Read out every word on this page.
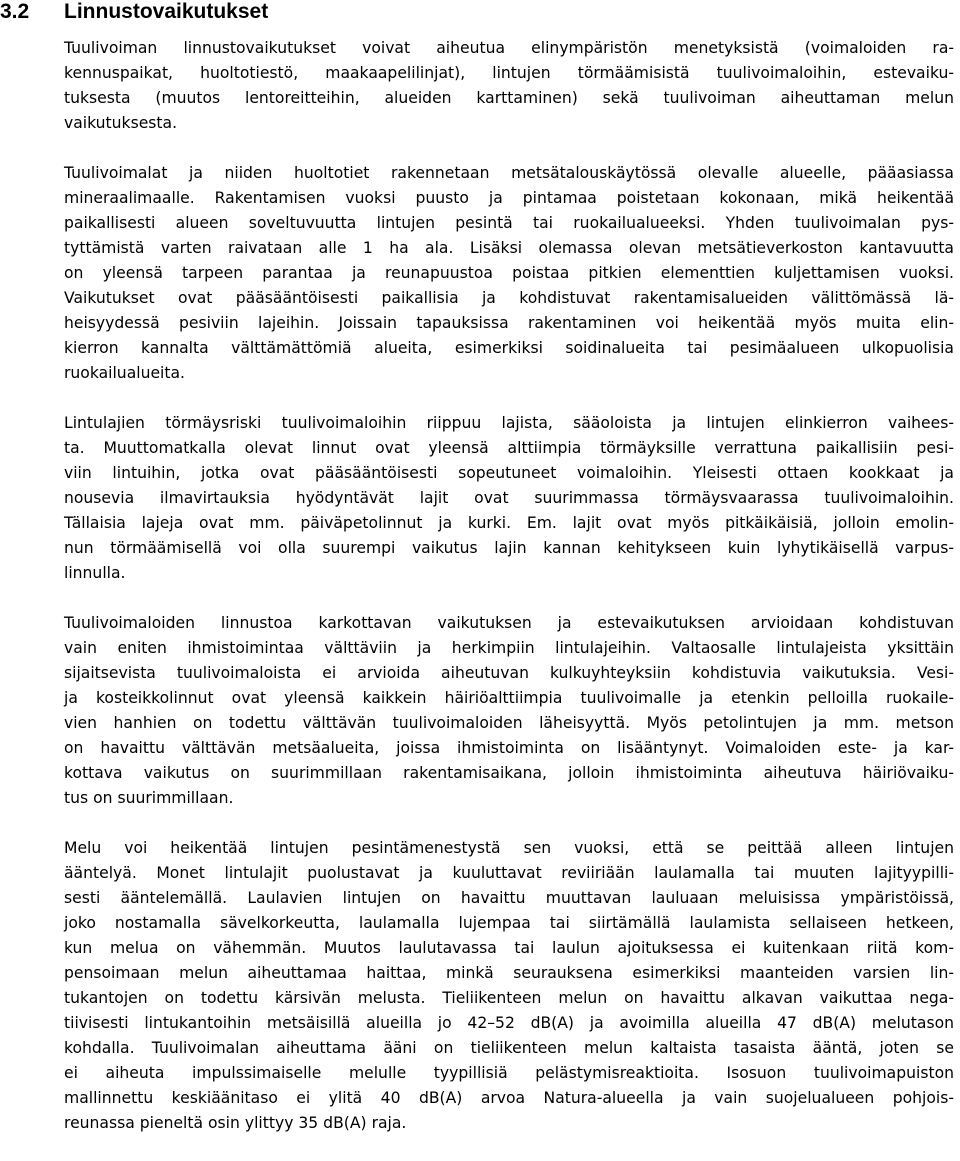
3.2 Linnustovaikutukset
Tuulivoiman linnustovaikutukset voivat aiheutua elinympäristön menetyksistä (voimaloiden ra-
kennuspaikat, huoltotiestö, maakaapelilinjat), lintujen törmäämisistä tuulivoimaloihin, estevaiku-
tuksesta (muutos lentoreitteihin, alueiden karttaminen) sekä tuulivoiman aiheuttaman melun
vaikutuksesta.
Tuulivoimalat ja niiden huoltotiet rakennetaan metsätalouskäytössä olevalle alueelle, pääasiassa
mineraalimaalle. Rakentamisen vuoksi puusto ja pintamaa poistetaan kokonaan, mikä heikentää
paikallisesti alueen soveltuvuutta lintujen pesintä tai ruokailualueeksi. Yhden tuulivoimalan pys-
tyttämistä varten raivataan alle 1 ha ala. Lisäksi olemassa olevan metsätieverkoston kantavuutta
on yleensä tarpeen parantaa ja reunapuustoa poistaa pitkien elementtien kuljettamisen vuoksi.
Vaikutukset ovat pääsääntöisesti paikallisia ja kohdistuvat rakentamisalueiden välittömässä lä-
heisyydessä pesiviin lajeihin. Joissain tapauksissa rakentaminen voi heikentää myös muita elin-
kierron kannalta välttämättömiä alueita, esimerkiksi soidinalueita tai pesimäalueen ulkopuolisia
ruokailualueita.
Lintulajien törmäysriski tuulivoimaloihin riippuu lajista, sääoloista ja lintujen elinkierron vaihees-
ta. Muuttomatkalla olevat linnut ovat yleensä alttiimpia törmäyksille verrattuna paikallisiin pesi-
viin lintuihin, jotka ovat pääsääntöisesti sopeutuneet voimaloihin. Yleisesti ottaen kookkaat ja
nousevia ilmavirtauksia hyödyntävät lajit ovat suurimmassa törmäysvaarassa tuulivoimaloihin.
Tällaisia lajeja ovat mm. päiväpetolinnut ja kurki. Em. lajit ovat myös pitkäikäisiä, jolloin emolin-
nun törmäämisellä voi olla suurempi vaikutus lajin kannan kehitykseen kuin lyhytikäisellä varpus-
linnulla.
Tuulivoimaloiden linnustoa karkottavan vaikutuksen ja estevaikutuksen arvioidaan kohdistuvan
vain eniten ihmistoimintaa välttäviin ja herkimpiin lintulajeihin. Valtaosalle lintulajeista yksittäin
sijaitsevista tuulivoimaloista ei arvioida aiheutuvan kulkuyhteyksiin kohdistuvia vaikutuksia. Vesi-
ja kosteikkolinnut ovat yleensä kaikkein häiriöalttiimpia tuulivoimalle ja etenkin pelloilla ruokaile-
vien hanhien on todettu välttävän tuulivoimaloiden läheisyyttä. Myös petolintujen ja mm. metson
on havaittu välttävän metsäalueita, joissa ihmistoiminta on lisääntynyt. Voimaloiden este- ja kar-
kottava vaikutus on suurimmillaan rakentamisaikana, jolloin ihmistoiminta aiheutuva häiriövaiku-
tus on suurimmillaan.
Melu voi heikentää lintujen pesintämenestystä sen vuoksi, että se peittää alleen lintujen
ääntelyä. Monet lintulajit puolustavat ja kuuluttavat reviiriään laulamalla tai muuten lajityypilli-
sesti ääntelemällä. Laulavien lintujen on havaittu muuttavan lauluaan meluisissa ympäristöissä,
joko nostamalla sävelkorkeutta, laulamalla lujempaa tai siirtämällä laulamista sellaiseen hetkeen,
kun melua on vähemmän. Muutos laulutavassa tai laulun ajoituksessa ei kuitenkaan riitä kom-
pensoimaan melun aiheuttamaa haittaa, minkä seurauksena esimerkiksi maanteiden varsien lin-
tukantojen on todettu kärsivän melusta. Tieliikenteen melun on havaittu alkavan vaikuttaa nega-
tiivisesti lintukantoihin metsäisillä alueilla jo 42–52 dB(A) ja avoimilla alueilla 47 dB(A) melutason
kohdalla. Tuulivoimalan aiheuttama ääni on tieliikenteen melun kaltaista tasaista ääntä, joten se
ei aiheuta impulssimaiselle melulle tyypillisiä pelästymisreaktioita. Isosuon tuulivoimapuiston
mallinnettu keskiäänitaso ei ylitä 40 dB(A) arvoa Natura-alueella ja vain suojelualueen pohjois-
reunassa pieneltä osin ylittyy 35 dB(A) raja.
